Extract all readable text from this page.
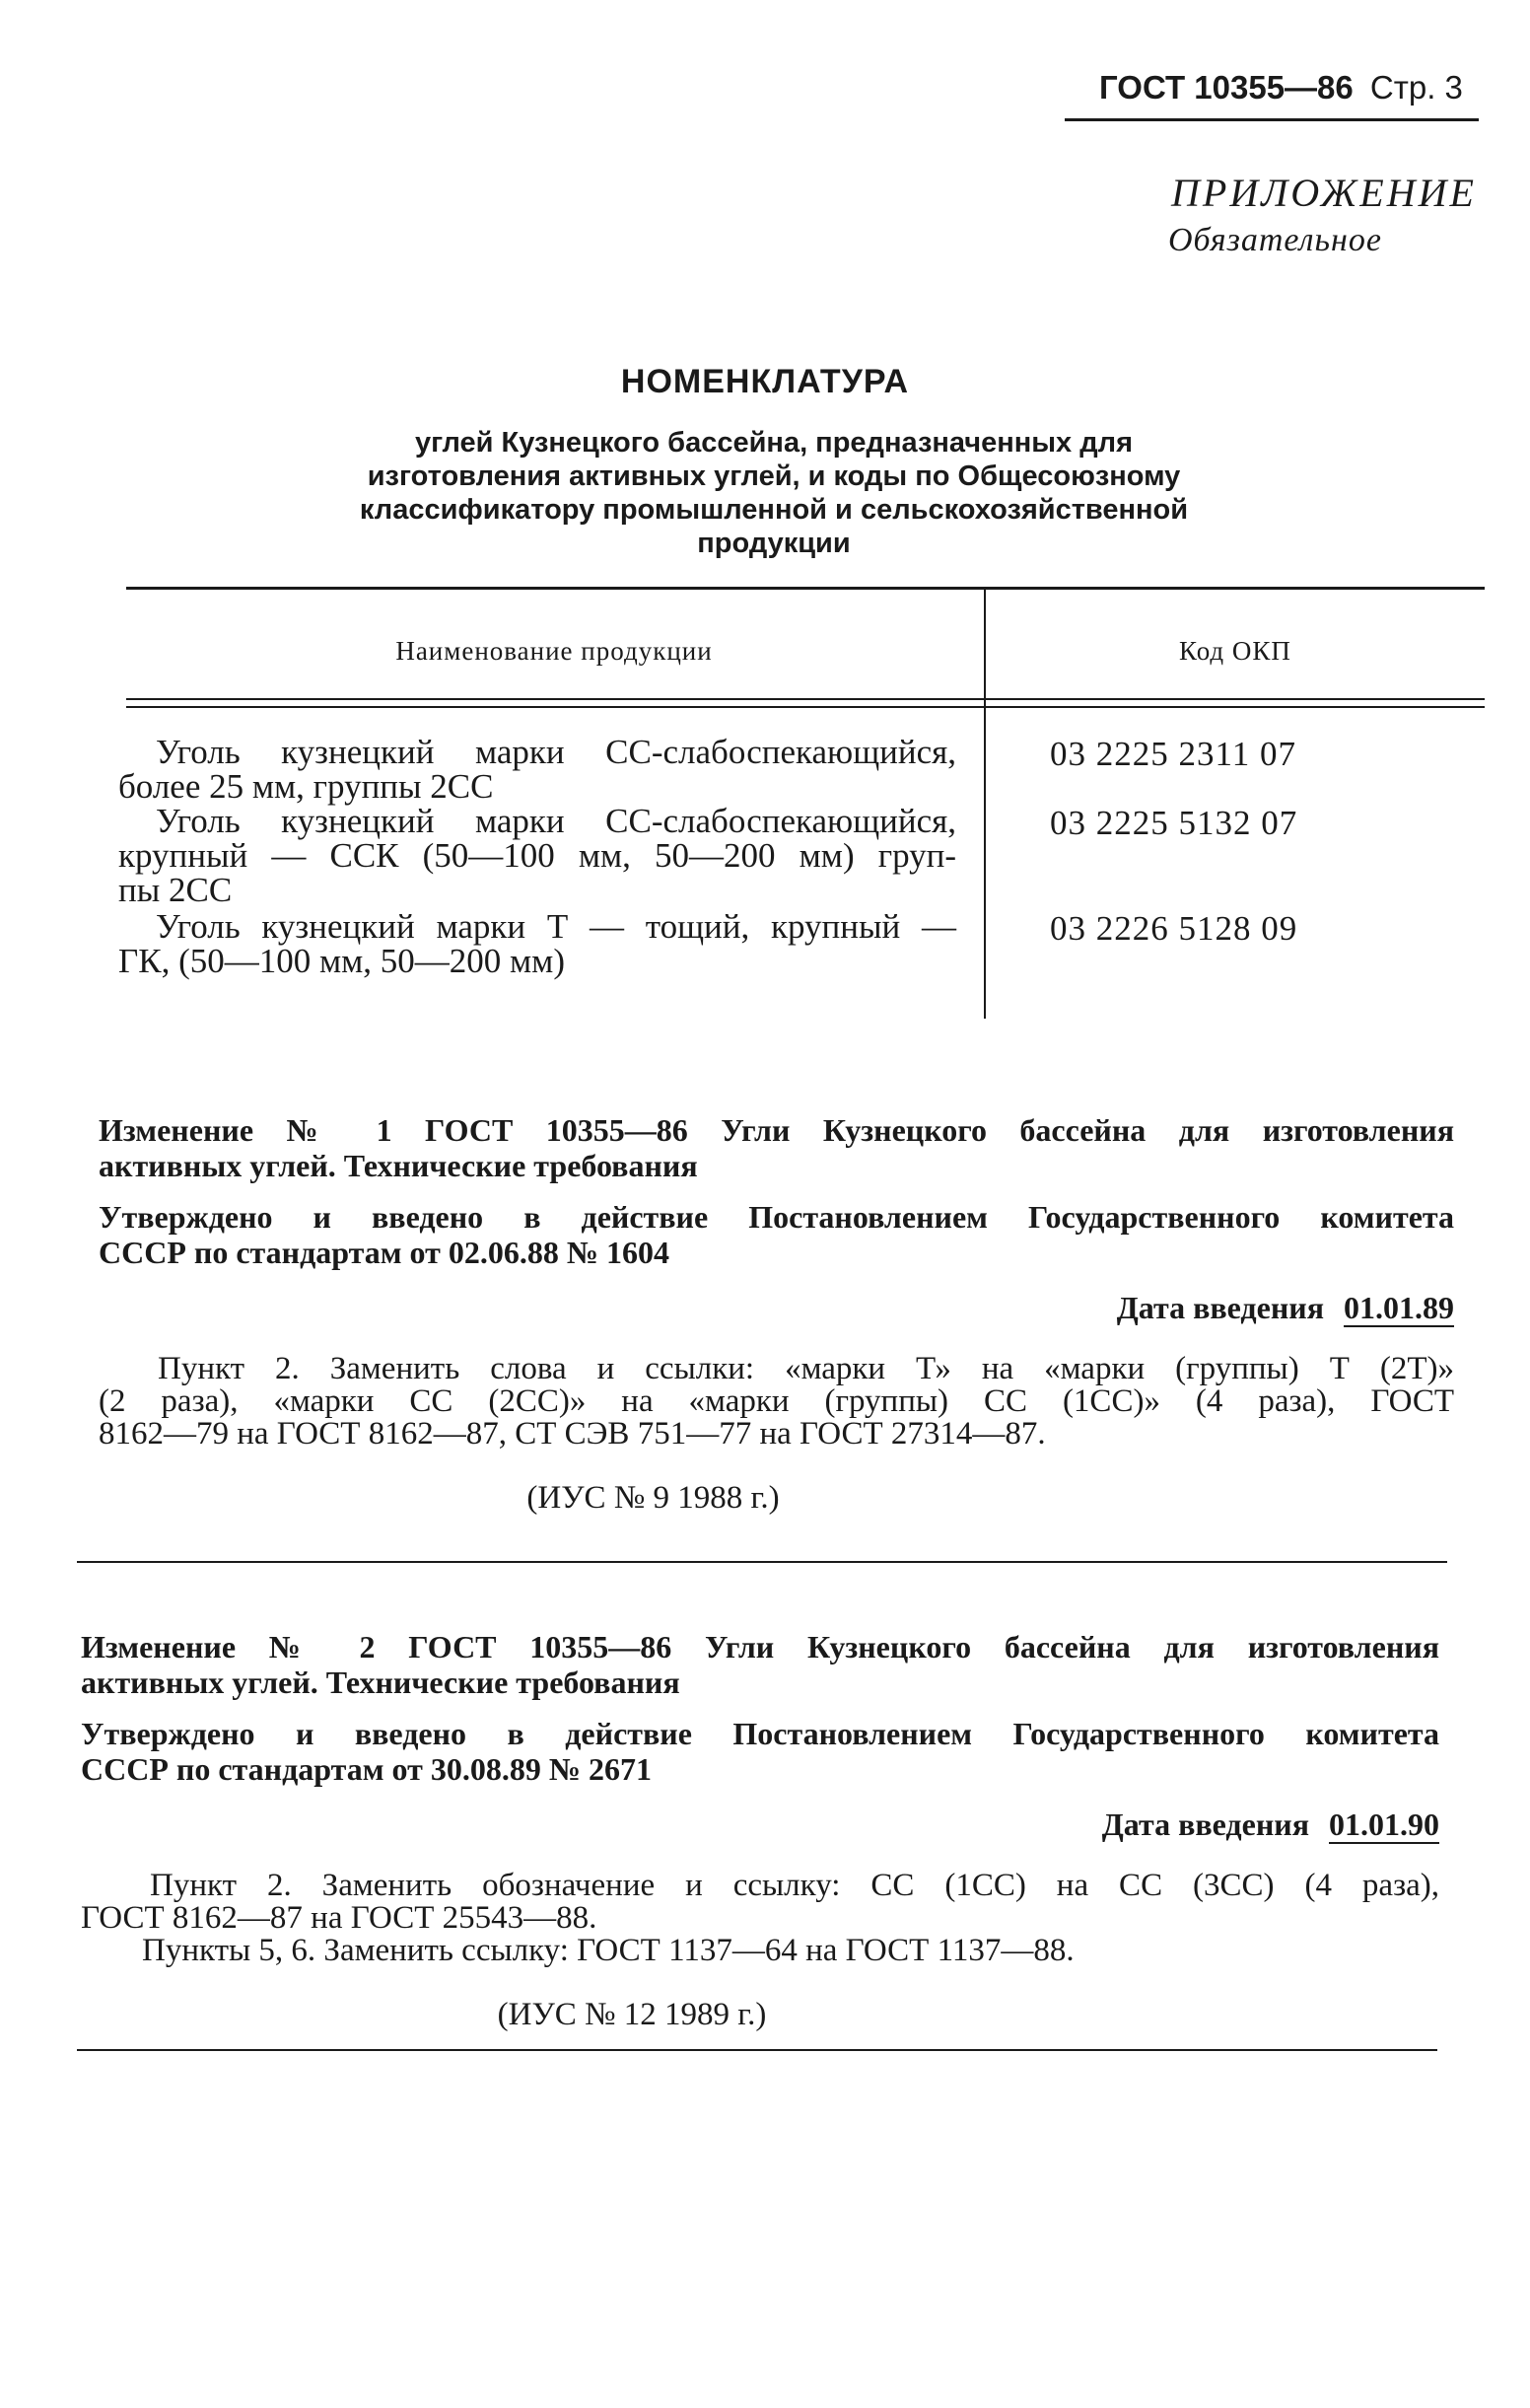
ГОСТ 10355—86 Стр. 3
ПРИЛОЖЕНИЕ
Обязательное
НОМЕНКЛАТУРА
углей Кузнецкого бассейна, предназначенных для
изготовления активных углей, и коды по Общесоюзному
классификатору промышленной и сельскохозяйственной
продукции
Наименование продукции	Код ОКП
Уголь кузнецкий марки СС-слабоспекающийся,
более 25 мм, группы 2СС
Уголь кузнецкий марки СС-слабоспекающийся,
крупный — ССК (50—100 мм, 50—200 мм) груп-
пы 2СС
Уголь кузнецкий марки Т — тощий, крупный —
ГК, (50—100 мм, 50—200 мм)
03 2225 2311 07
03 2225 5132 07
03 2226 5128 09
Изменение № 1 ГОСТ 10355—86 Угли Кузнецкого бассейна для изготовления
активных углей. Технические требования
Утверждено и введено в действие Постановлением Государственного комитета
СССР по стандартам от 02.06.88 № 1604
Дата введения 01.01.89
Пункт 2. Заменить слова и ссылки: «марки Т» на «марки (группы) Т (2Т)»
(2 раза), «марки СС (2СС)» на «марки (группы) СС (1СС)» (4 раза), ГОСТ
8162—79 на ГОСТ 8162—87, СТ СЭВ 751—77 на ГОСТ 27314—87.
(ИУС № 9 1988 г.)
Изменение № 2 ГОСТ 10355—86 Угли Кузнецкого бассейна для изготовления
активных углей. Технические требования
Утверждено и введено в действие Постановлением Государственного комитета
СССР по стандартам от 30.08.89 № 2671
Дата введения 01.01.90
Пункт 2. Заменить обозначение и ссылку: СС (1СС) на СС (3СС) (4 раза),
ГОСТ 8162—87 на ГОСТ 25543—88.
Пункты 5, 6. Заменить ссылку: ГОСТ 1137—64 на ГОСТ 1137—88.
(ИУС № 12 1989 г.)
